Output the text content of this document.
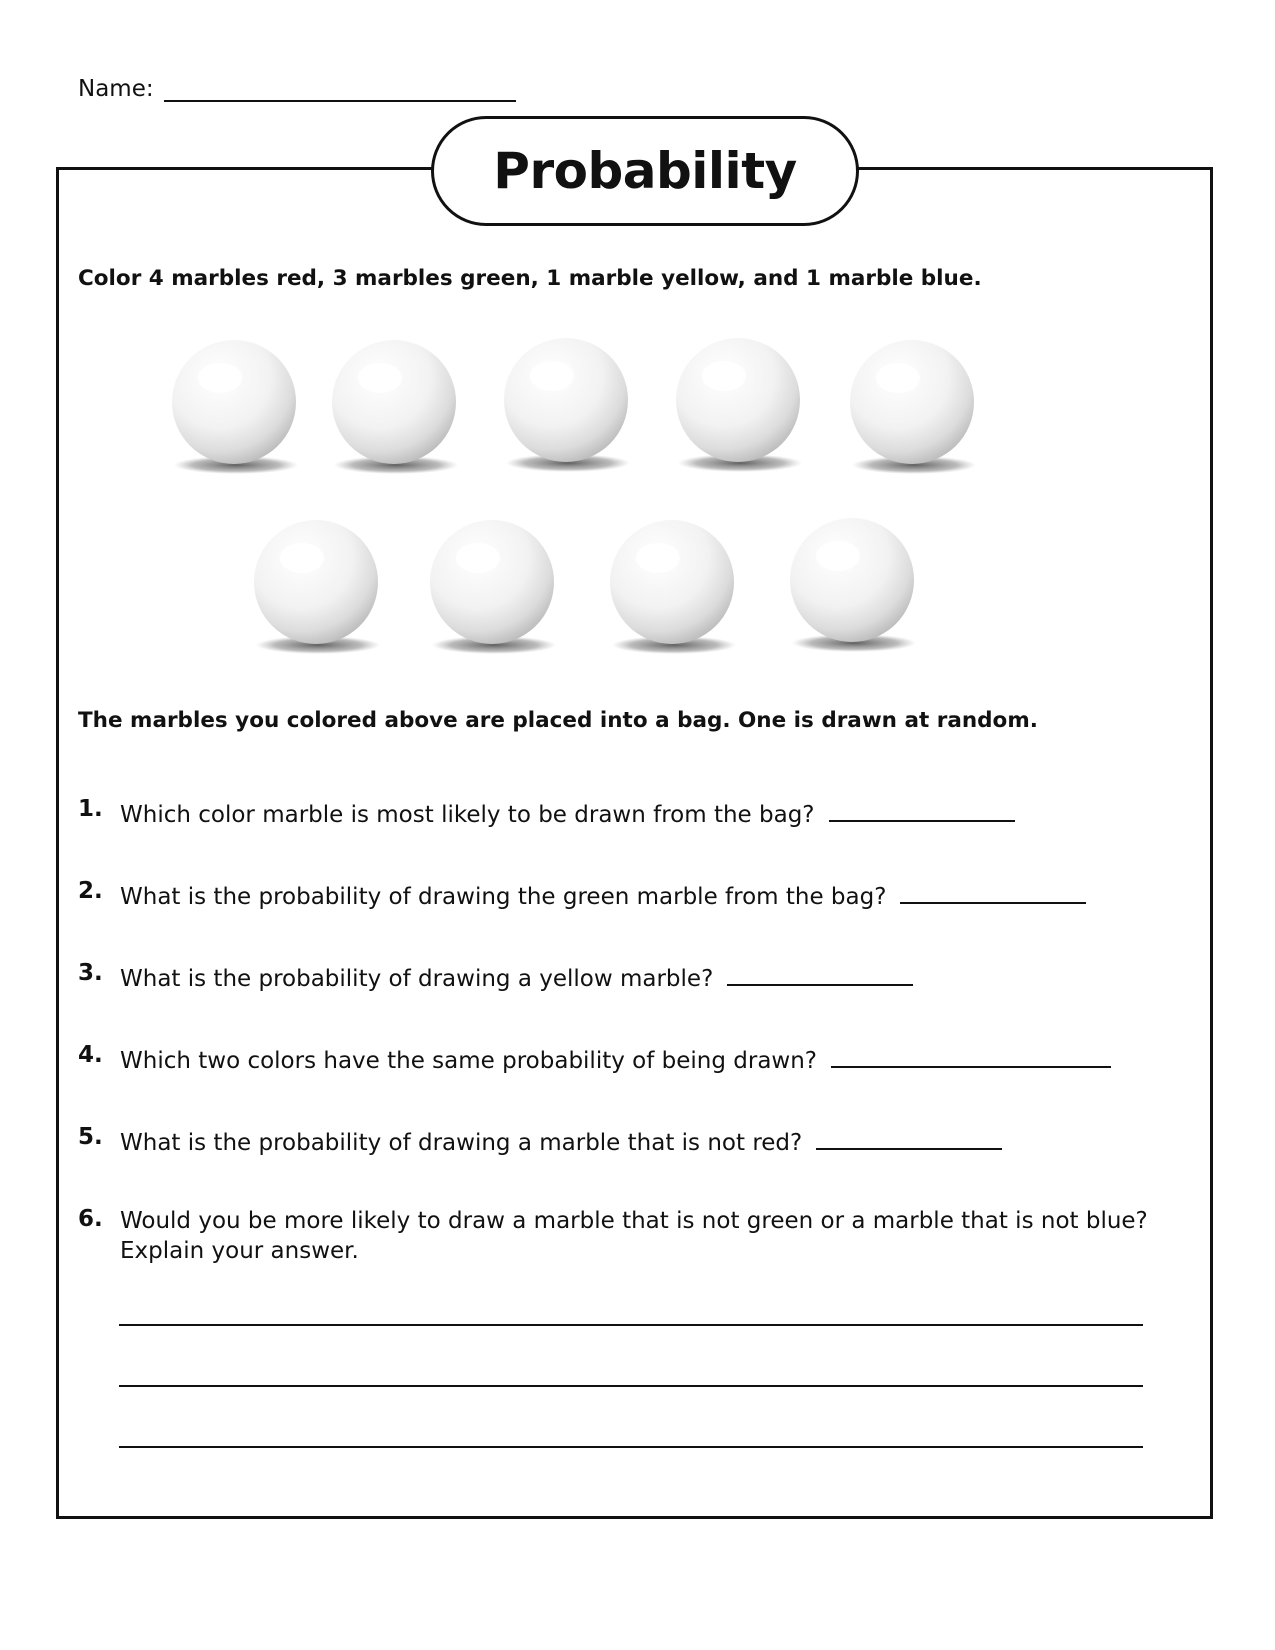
Name:
Probability
Color 4 marbles red, 3 marbles green, 1 marble yellow, and 1 marble blue.
The marbles you colored above are placed into a bag. One is drawn at random.
1. Which color marble is most likely to be drawn from the bag?
2. What is the probability of drawing the green marble from the bag?
3. What is the probability of drawing a yellow marble?
4. Which two colors have the same probability of being drawn?
5. What is the probability of drawing a marble that is not red?
6. Would you be more likely to draw a marble that is not green or a marble that is not blue? Explain your answer.
